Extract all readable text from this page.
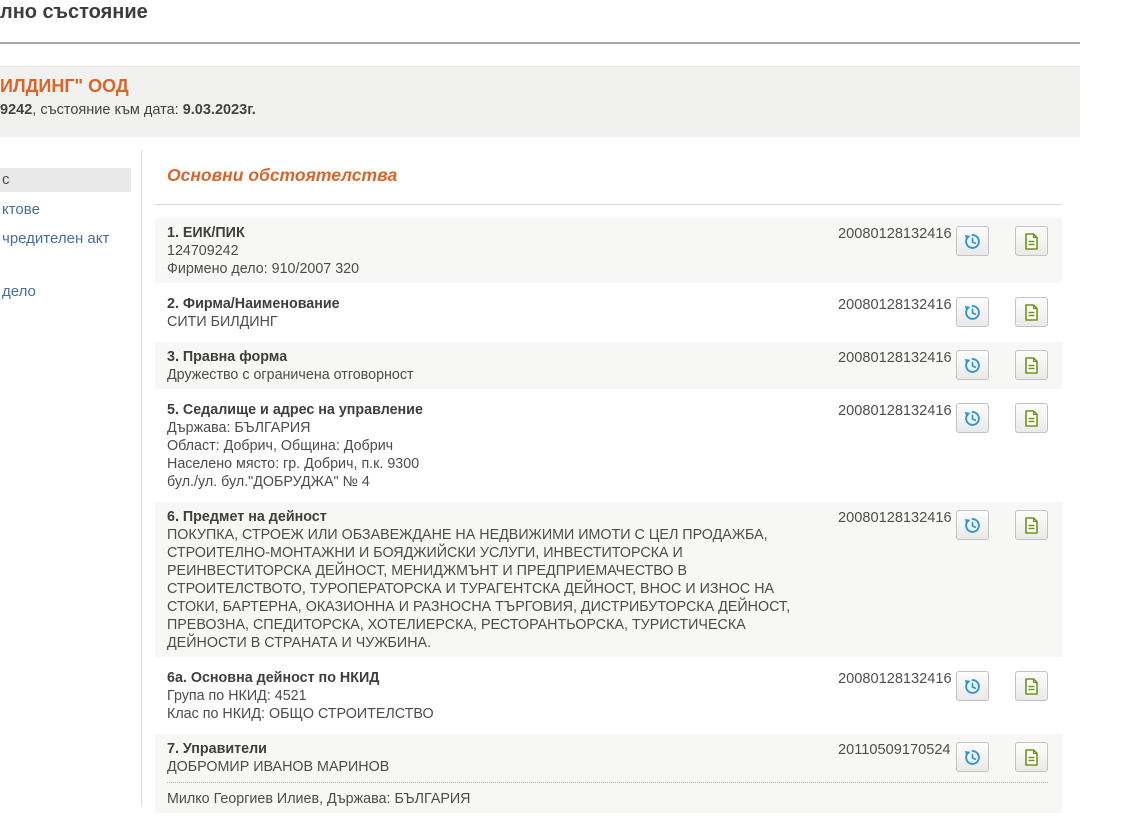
лно състояние
ИЛДИНГ" ООД
9242, състояние към дата: 9.03.2023г.
с
ктове
чредителен акт
дело
Основни обстоятелства
1. ЕИК/ПИК
124709242
Фирмено дело: 910/2007 320
20080128132416
2. Фирма/Наименование
СИТИ БИЛДИНГ
20080128132416
3. Правна форма
Дружество с ограничена отговорност
20080128132416
5. Седалище и адрес на управление
Държава: БЪЛГАРИЯ
Област: Добрич, Община: Добрич
Населено място: гр. Добрич, п.к. 9300
бул./ул. бул."ДОБРУДЖА" № 4
20080128132416
6. Предмет на дейност
ПОКУПКА, СТРОЕЖ ИЛИ ОБЗАВЕЖДАНЕ НА НЕДВИЖИМИ ИМОТИ С ЦЕЛ ПРОДАЖБА, СТРОИТЕЛНО-МОНТАЖНИ И БОЯДЖИЙСКИ УСЛУГИ, ИНВЕСТИТОРСКА И РЕИНВЕСТИТОРСКА ДЕЙНОСТ, МЕНИДЖМЪНТ И ПРЕДПРИЕМАЧЕСТВО В СТРОИТЕЛСТВОТО, ТУРОПЕРАТОРСКА И ТУРАГЕНТСКА ДЕЙНОСТ, ВНОС И ИЗНОС НА СТОКИ, БАРТЕРНА, ОКАЗИОННА И РАЗНОСНА ТЪРГОВИЯ, ДИСТРИБУТОРСКА ДЕЙНОСТ, ПРЕВОЗНА, СПЕДИТОРСКА, ХОТЕЛИЕРСКА, РЕСТОРАНТЬОРСКА, ТУРИСТИЧЕСКА ДЕЙНОСТИ В СТРАНАТА И ЧУЖБИНА.
20080128132416
6а. Основна дейност по НКИД
Група по НКИД: 4521
Клас по НКИД: ОБЩО СТРОИТЕЛСТВО
20080128132416
7. Управители
ДОБРОМИР ИВАНОВ МАРИНОВ
Милко Георгиев Илиев, Държава: БЪЛГАРИЯ
20110509170524
